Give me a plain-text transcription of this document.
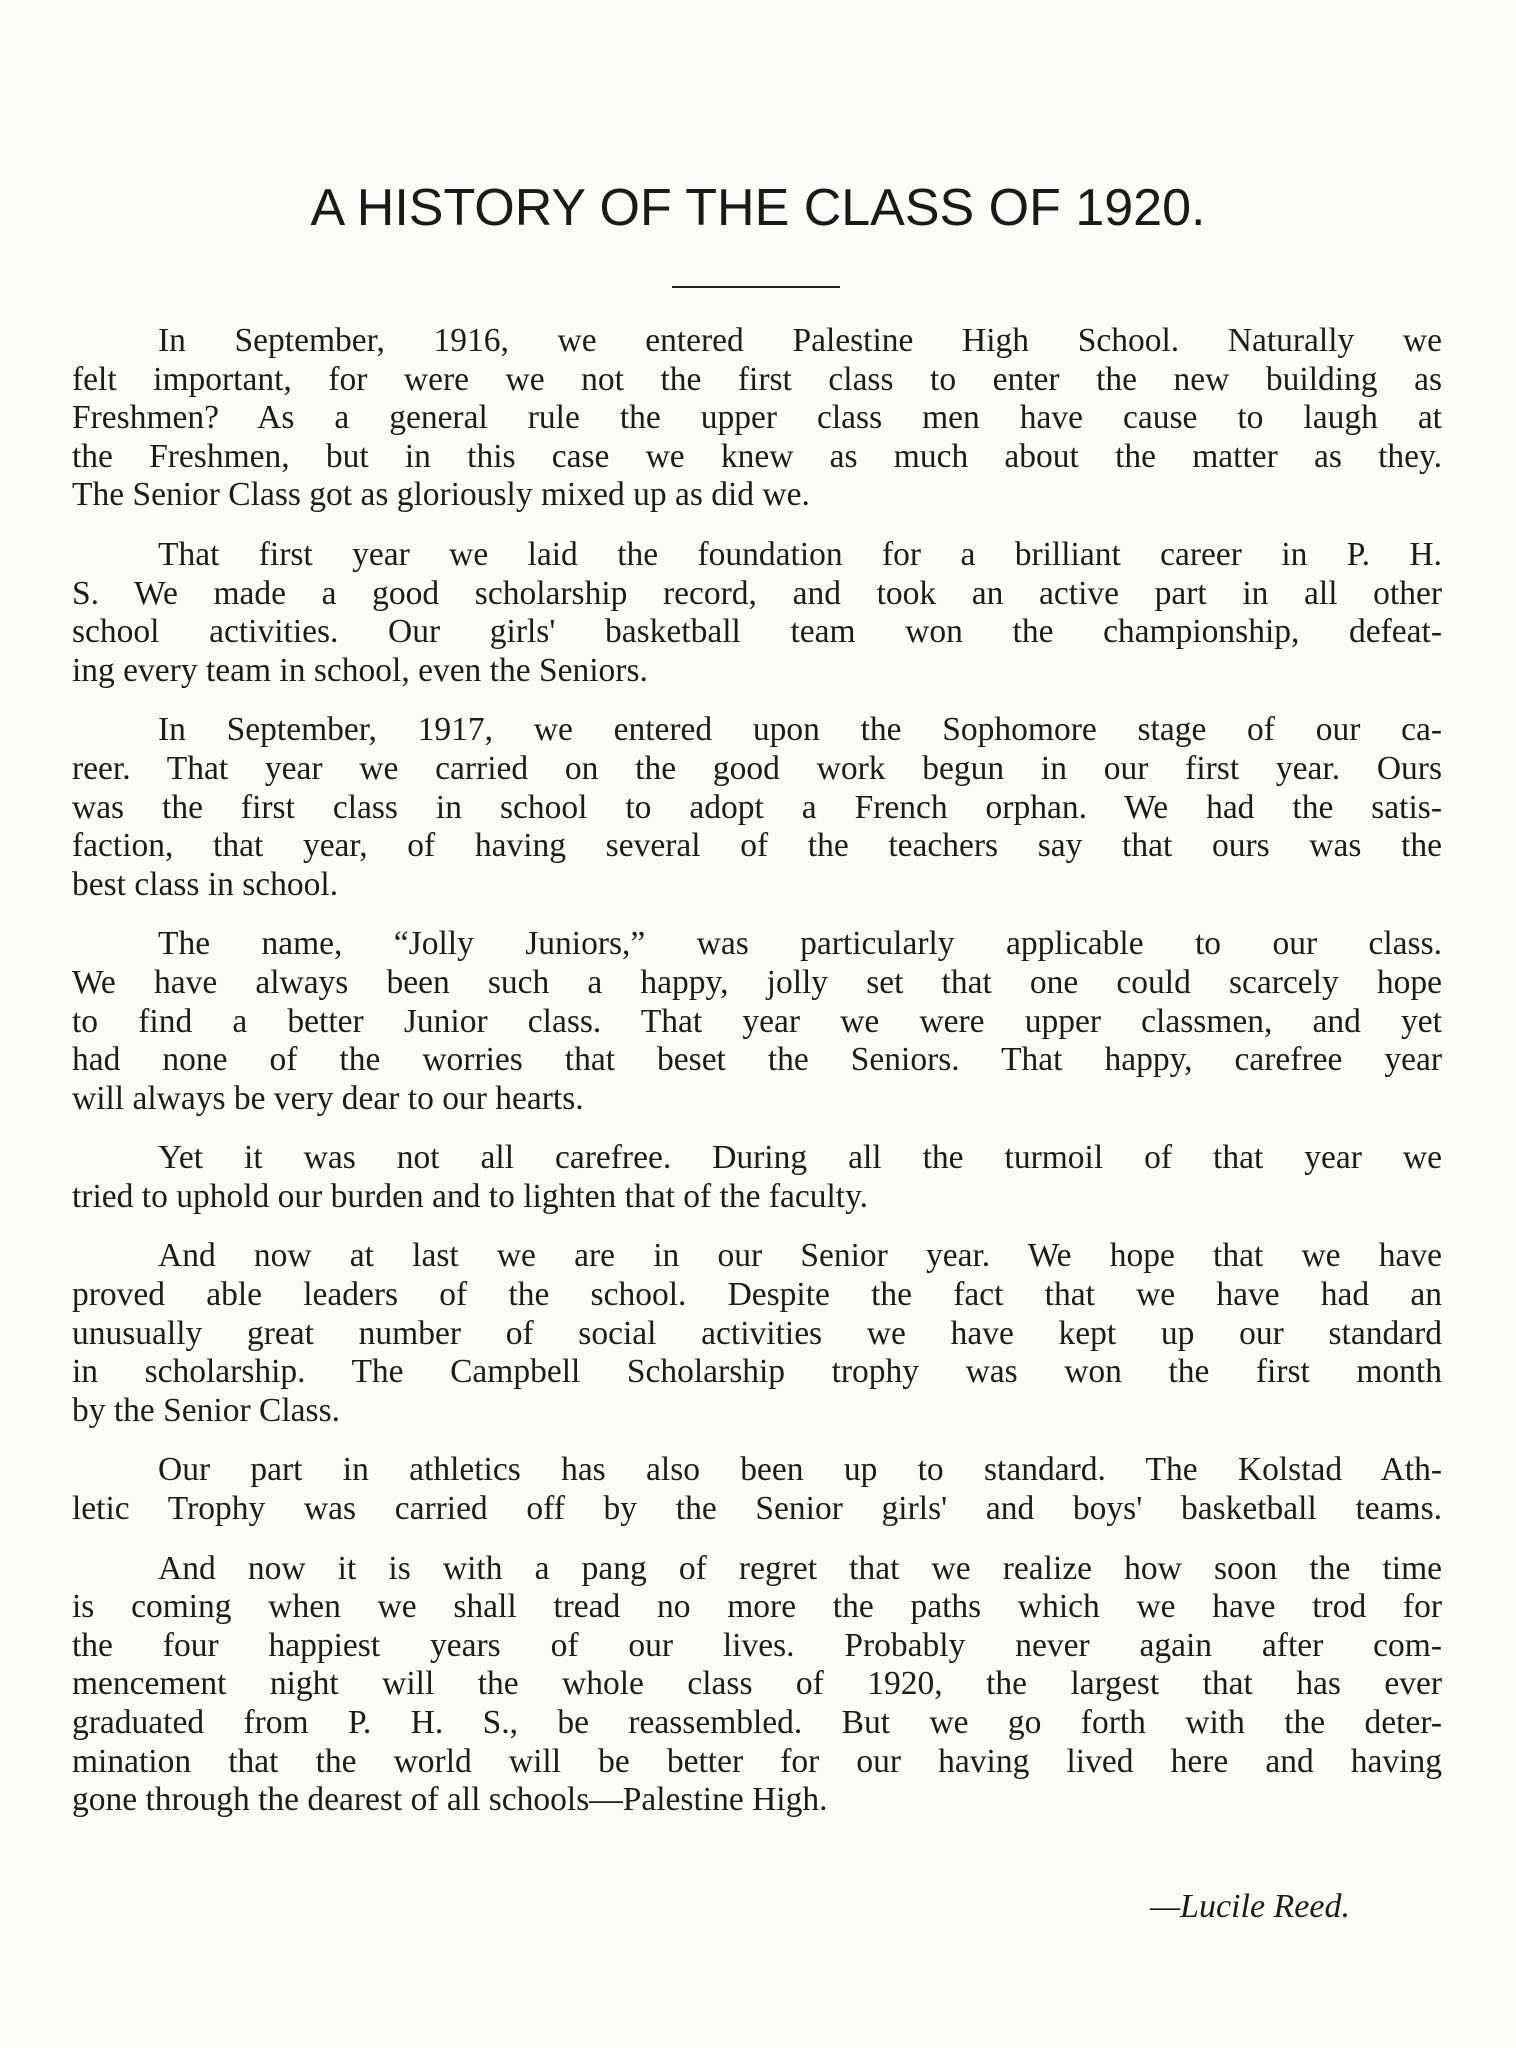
A HISTORY OF THE CLASS OF 1920.
In September, 1916, we entered Palestine High School. Naturally we
felt important, for were we not the first class to enter the new building as
Freshmen? As a general rule the upper class men have cause to laugh at
the Freshmen, but in this case we knew as much about the matter as they.
The Senior Class got as gloriously mixed up as did we.
That first year we laid the foundation for a brilliant career in P. H.
S. We made a good scholarship record, and took an active part in all other
school activities. Our girls' basketball team won the championship, defeat-
ing every team in school, even the Seniors.
In September, 1917, we entered upon the Sophomore stage of our ca-
reer. That year we carried on the good work begun in our first year. Ours
was the first class in school to adopt a French orphan. We had the satis-
faction, that year, of having several of the teachers say that ours was the
best class in school.
The name, “Jolly Juniors,” was particularly applicable to our class.
We have always been such a happy, jolly set that one could scarcely hope
to find a better Junior class. That year we were upper classmen, and yet
had none of the worries that beset the Seniors. That happy, carefree year
will always be very dear to our hearts.
Yet it was not all carefree. During all the turmoil of that year we
tried to uphold our burden and to lighten that of the faculty.
And now at last we are in our Senior year. We hope that we have
proved able leaders of the school. Despite the fact that we have had an
unusually great number of social activities we have kept up our standard
in scholarship. The Campbell Scholarship trophy was won the first month
by the Senior Class.
Our part in athletics has also been up to standard. The Kolstad Ath-
letic Trophy was carried off by the Senior girls' and boys' basketball teams.
And now it is with a pang of regret that we realize how soon the time
is coming when we shall tread no more the paths which we have trod for
the four happiest years of our lives. Probably never again after com-
mencement night will the whole class of 1920, the largest that has ever
graduated from P. H. S., be reassembled. But we go forth with the deter-
mination that the world will be better for our having lived here and having
gone through the dearest of all schools—Palestine High.
—Lucile Reed.
